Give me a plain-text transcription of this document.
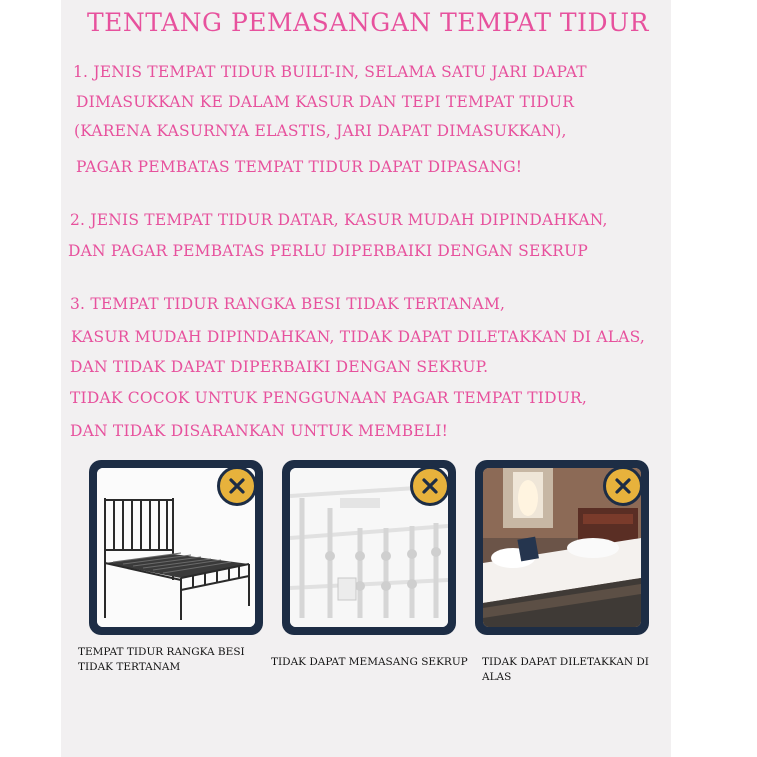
TENTANG PEMASANGAN TEMPAT TIDUR
1. JENIS TEMPAT TIDUR BUILT-IN, SELAMA SATU JARI DAPAT
DIMASUKKAN KE DALAM KASUR DAN TEPI TEMPAT TIDUR
(KARENA KASURNYA ELASTIS, JARI DAPAT DIMASUKKAN),
PAGAR PEMBATAS TEMPAT TIDUR DAPAT DIPASANG!
2. JENIS TEMPAT TIDUR DATAR, KASUR MUDAH DIPINDAHKAN,
DAN PAGAR PEMBATAS PERLU DIPERBAIKI DENGAN SEKRUP
3. TEMPAT TIDUR RANGKA BESI TIDAK TERTANAM,
KASUR MUDAH DIPINDAHKAN, TIDAK DAPAT DILETAKKAN DI ALAS,
DAN TIDAK DAPAT DIPERBAIKI DENGAN SEKRUP.
TIDAK COCOK UNTUK PENGGUNAAN PAGAR TEMPAT TIDUR,
DAN TIDAK DISARANKAN UNTUK MEMBELI!
TEMPAT TIDUR RANGKA BESI
TIDAK TERTANAM	TIDAK DAPAT MEMASANG SEKRUP TIDAK DAPAT DILETAKKAN DI ALAS
